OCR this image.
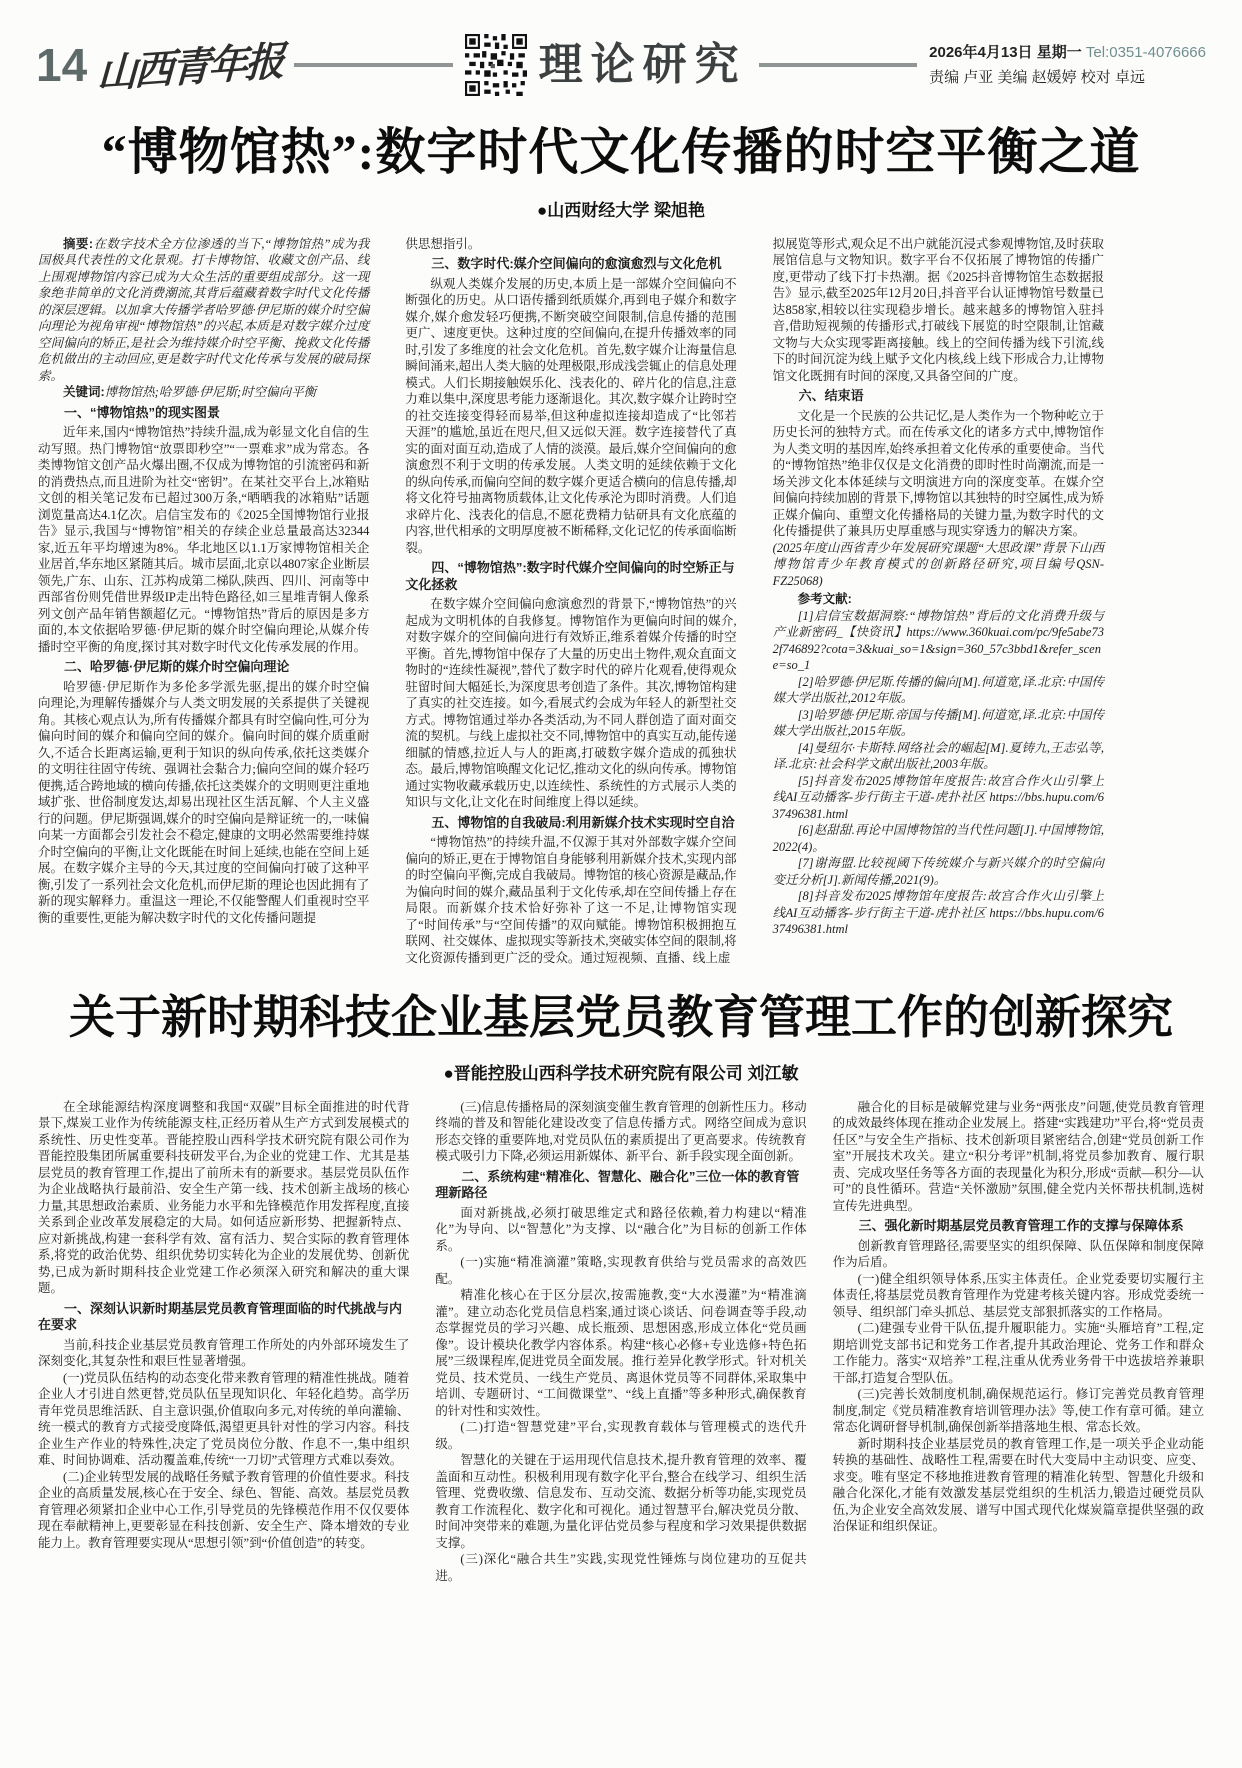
14 山西青年报	理论研究	2026年4月13日 星期一 Tel:0351-4076666
责编 卢亚 美编 赵媛婷 校对 卓远
“博物馆热”:数字时代文化传播的时空平衡之道
●山西财经大学 梁旭艳

摘要:在数字技术全方位渗透的当下,“博物馆热”成为我国极具代表性的文化景观。打卡博物馆、收藏文创产品、线上围观博物馆内容已成为大众生活的重要组成部分。这一现象绝非简单的文化消费潮流,其背后蕴藏着数字时代文化传播的深层逻辑。以加拿大传播学者哈罗德·伊尼斯的媒介时空偏向理论为视角审视“博物馆热”的兴起,本质是对数字媒介过度空间偏向的矫正,是社会为维持媒介时空平衡、挽救文化传播危机做出的主动回应,更是数字时代文化传承与发展的破局探索。

关键词:博物馆热;哈罗德·伊尼斯;时空偏向平衡

一、“博物馆热”的现实图景

近年来,国内“博物馆热”持续升温,成为彰显文化自信的生动写照。热门博物馆“放票即秒空”“一票难求”成为常态。各类博物馆文创产品火爆出圈,不仅成为博物馆的引流密码和新的消费热点,而且进阶为社交“密钥”。在某社交平台上,冰箱贴文创的相关笔记发布已超过300万条,“晒晒我的冰箱贴”话题浏览量高达4.1亿次。启信宝发布的《2025全国博物馆行业报告》显示,我国与“博物馆”相关的存续企业总量最高达32344家,近五年平均增速为8%。华北地区以1.1万家博物馆相关企业居首,华东地区紧随其后。城市层面,北京以4807家企业断层领先,广东、山东、江苏构成第二梯队,陕西、四川、河南等中西部省份则凭借世界级IP走出特色路径,如三星堆青铜人像系列文创产品年销售额超亿元。“博物馆热”背后的原因是多方面的,本文依据哈罗德·伊尼斯的媒介时空偏向理论,从媒介传播时空平衡的角度,探讨其对数字时代文化传承发展的作用。

二、哈罗德·伊尼斯的媒介时空偏向理论

哈罗德·伊尼斯作为多伦多学派先驱,提出的媒介时空偏向理论,为理解传播媒介与人类文明发展的关系提供了关键视角。其核心观点认为,所有传播媒介都具有时空偏向性,可分为偏向时间的媒介和偏向空间的媒介。偏向时间的媒介质重耐久,不适合长距离运输,更利于知识的纵向传承,依托这类媒介的文明往往固守传统、强调社会黏合力;偏向空间的媒介轻巧便携,适合跨地域的横向传播,依托这类媒介的文明则更注重地域扩张、世俗制度发达,却易出现社区生活瓦解、个人主义盛行的问题。伊尼斯强调,媒介的时空偏向是辩证统一的,一味偏向某一方面都会引发社会不稳定,健康的文明必然需要维持媒介时空偏向的平衡,让文化既能在时间上延续,也能在空间上延展。在数字媒介主导的今天,其过度的空间偏向打破了这种平衡,引发了一系列社会文化危机,而伊尼斯的理论也因此拥有了新的现实解释力。重温这一理论,不仅能警醒人们重视时空平衡的重要性,更能为解决数字时代的文化传播问题提

供思想指引。

三、数字时代:媒介空间偏向的愈演愈烈与文化危机

纵观人类媒介发展的历史,本质上是一部媒介空间偏向不断强化的历史。从口语传播到纸质媒介,再到电子媒介和数字媒介,媒介愈发轻巧便携,不断突破空间限制,信息传播的范围更广、速度更快。这种过度的空间偏向,在提升传播效率的同时,引发了多维度的社会文化危机。首先,数字媒介让海量信息瞬间涌来,超出人类大脑的处理极限,形成浅尝辄止的信息处理模式。人们长期接触娱乐化、浅表化的、碎片化的信息,注意力难以集中,深度思考能力逐渐退化。其次,数字媒介让跨时空的社交连接变得轻而易举,但这种虚拟连接却造成了“比邻若天涯”的尴尬,虽近在咫尺,但又远似天涯。数字连接替代了真实的面对面互动,造成了人情的淡漠。最后,媒介空间偏向的愈演愈烈不利于文明的传承发展。人类文明的延续依赖于文化的纵向传承,而偏向空间的数字媒介更适合横向的信息传播,却将文化符号抽离物质载体,让文化传承沦为即时消费。人们追求碎片化、浅表化的信息,不愿花费精力钻研具有文化底蕴的内容,世代相承的文明厚度被不断稀释,文化记忆的传承面临断裂。

四、“博物馆热”:数字时代媒介空间偏向的时空矫正与文化拯救

在数字媒介空间偏向愈演愈烈的背景下,“博物馆热”的兴起成为文明机体的自我修复。博物馆作为更偏向时间的媒介,对数字媒介的空间偏向进行有效矫正,维系着媒介传播的时空平衡。首先,博物馆中保存了大量的历史出土物件,观众直面文物时的“连续性凝视”,替代了数字时代的碎片化观看,使得观众驻留时间大幅延长,为深度思考创造了条件。其次,博物馆构建了真实的社交连接。如今,看展式约会成为年轻人的新型社交方式。博物馆通过举办各类活动,为不同人群创造了面对面交流的契机。与线上虚拟社交不同,博物馆中的真实互动,能传递细腻的情感,拉近人与人的距离,打破数字媒介造成的孤独状态。最后,博物馆唤醒文化记忆,推动文化的纵向传承。博物馆通过实物收藏承载历史,以连续性、系统性的方式展示人类的知识与文化,让文化在时间维度上得以延续。

五、博物馆的自我破局:利用新媒介技术实现时空自洽

“博物馆热”的持续升温,不仅源于其对外部数字媒介空间偏向的矫正,更在于博物馆自身能够利用新媒介技术,实现内部的时空偏向平衡,完成自我破局。博物馆的核心资源是藏品,作为偏向时间的媒介,藏品虽利于文化传承,却在空间传播上存在局限。而新媒介技术恰好弥补了这一不足,让博物馆实现了“时间传承”与“空间传播”的双向赋能。博物馆积极拥抱互联网、社交媒体、虚拟现实等新技术,突破实体空间的限制,将文化资源传播到更广泛的受众。通过短视频、直播、线上虚

拟展览等形式,观众足不出户就能沉浸式参观博物馆,及时获取展馆信息与文物知识。数字平台不仅拓展了博物馆的传播广度,更带动了线下打卡热潮。据《2025抖音博物馆生态数据报告》显示,截至2025年12月20日,抖音平台认证博物馆号数量已达858家,相较以往实现稳步增长。越来越多的博物馆入驻抖音,借助短视频的传播形式,打破线下展览的时空限制,让馆藏文物与大众实现零距离接触。线上的空间传播为线下引流,线下的时间沉淀为线上赋予文化内核,线上线下形成合力,让博物馆文化既拥有时间的深度,又具备空间的广度。

六、结束语

文化是一个民族的公共记忆,是人类作为一个物种屹立于历史长河的独特方式。而在传承文化的诸多方式中,博物馆作为人类文明的基因库,始终承担着文化传承的重要使命。当代的“博物馆热”绝非仅仅是文化消费的即时性时尚潮流,而是一场关涉文化本体延续与文明演进方向的深度变革。在媒介空间偏向持续加剧的背景下,博物馆以其独特的时空属性,成为矫正媒介偏向、重塑文化传播格局的关键力量,为数字时代的文化传播提供了兼具历史厚重感与现实穿透力的解决方案。

(2025年度山西省青少年发展研究课题“大思政课”背景下山西博物馆青少年教育模式的创新路径研究,项目编号QSN-FZ25068)

参考文献:

[1]启信宝数据洞察:“博物馆热”背后的文化消费升级与产业新密码_【快资讯】https://www.360kuai.com/pc/9fe5abe732f746892?cota=3&kuai_so=1&sign=360_57c3bbd1&refer_scene=so_1

[2]哈罗德·伊尼斯.传播的偏向[M].何道宽,译.北京:中国传媒大学出版社,2012年版。

[3]哈罗德·伊尼斯.帝国与传播[M].何道宽,译.北京:中国传媒大学出版社,2015年版。

[4]曼纽尔·卡斯特.网络社会的崛起[M].夏铸九,王志弘等,译.北京:社会科学文献出版社,2003年版。

[5]抖音发布2025博物馆年度报告:故宫合作火山引擎上线AI互动播客-步行街主干道-虎扑社区 https://bbs.hupu.com/637496381.html

[6]赵甜甜.再论中国博物馆的当代性问题[J].中国博物馆,2022(4)。

[7]谢海盟.比较视阈下传统媒介与新兴媒介的时空偏向变迁分析[J].新闻传播,2021(9)。

[8]抖音发布2025博物馆年度报告:故宫合作火山引擎上线AI互动播客-步行街主干道-虎扑社区 https://bbs.hupu.com/637496381.html

关于新时期科技企业基层党员教育管理工作的创新探究
●晋能控股山西科学技术研究院有限公司 刘江敏

在全球能源结构深度调整和我国“双碳”目标全面推进的时代背景下,煤炭工业作为传统能源支柱,正经历着从生产方式到发展模式的系统性、历史性变革。晋能控股山西科学技术研究院有限公司作为晋能控股集团所属重要科技研发平台,为企业的党建工作、尤其是基层党员的教育管理工作,提出了前所未有的新要求。基层党员队伍作为企业战略执行最前沿、安全生产第一线、技术创新主战场的核心力量,其思想政治素质、业务能力水平和先锋模范作用发挥程度,直接关系到企业改革发展稳定的大局。如何适应新形势、把握新特点、应对新挑战,构建一套科学有效、富有活力、契合实际的教育管理体系,将党的政治优势、组织优势切实转化为企业的发展优势、创新优势,已成为新时期科技企业党建工作必须深入研究和解决的重大课题。

一、深刻认识新时期基层党员教育管理面临的时代挑战与内在要求

当前,科技企业基层党员教育管理工作所处的内外部环境发生了深刻变化,其复杂性和艰巨性显著增强。

(一)党员队伍结构的动态变化带来教育管理的精准性挑战。随着企业人才引进自然更替,党员队伍呈现知识化、年轻化趋势。高学历青年党员思维活跃、自主意识强,价值取向多元,对传统的单向灌输、统一模式的教育方式接受度降低,渴望更具针对性的学习内容。科技企业生产作业的特殊性,决定了党员岗位分散、作息不一,集中组织难、时间协调难、活动覆盖难,传统“一刀切”式管理方式难以奏效。

(二)企业转型发展的战略任务赋予教育管理的价值性要求。科技企业的高质量发展,核心在于安全、绿色、智能、高效。基层党员教育管理必须紧扣企业中心工作,引导党员的先锋模范作用不仅仅要体现在奉献精神上,更要彰显在科技创新、安全生产、降本增效的专业能力上。教育管理要实现从“思想引领”到“价值创造”的转变。

(三)信息传播格局的深刻演变催生教育管理的创新性压力。移动终端的普及和智能化建设改变了信息传播方式。网络空间成为意识形态交锋的重要阵地,对党员队伍的素质提出了更高要求。传统教育模式吸引力下降,必须运用新媒体、新平台、新手段实现全面创新。

二、系统构建“精准化、智慧化、融合化”三位一体的教育管理新路径

面对新挑战,必须打破思维定式和路径依赖,着力构建以“精准化”为导向、以“智慧化”为支撑、以“融合化”为目标的创新工作体系。

(一)实施“精准滴灌”策略,实现教育供给与党员需求的高效匹配。

精准化核心在于区分层次,按需施教,变“大水漫灌”为“精准滴灌”。建立动态化党员信息档案,通过谈心谈话、问卷调查等手段,动态掌握党员的学习兴趣、成长瓶颈、思想困惑,形成立体化“党员画像”。设计模块化教学内容体系。构建“核心必修+专业选修+特色拓展”三级课程库,促进党员全面发展。推行差异化教学形式。针对机关党员、技术党员、一线生产党员、离退休党员等不同群体,采取集中培训、专题研讨、“工间微课堂”、“线上直播”等多种形式,确保教育的针对性和实效性。

(二)打造“智慧党建”平台,实现教育载体与管理模式的迭代升级。

智慧化的关键在于运用现代信息技术,提升教育管理的效率、覆盖面和互动性。积极利用现有数字化平台,整合在线学习、组织生活管理、党费收缴、信息发布、互动交流、数据分析等功能,实现党员教育工作流程化、数字化和可视化。通过智慧平台,解决党员分散、时间冲突带来的难题,为量化评估党员参与程度和学习效果提供数据支撑。

(三)深化“融合共生”实践,实现党性锤炼与岗位建功的互促共进。

融合化的目标是破解党建与业务“两张皮”问题,使党员教育管理的成效最终体现在推动企业发展上。搭建“实践建功”平台,将“党员责任区”与安全生产指标、技术创新项目紧密结合,创建“党员创新工作室”开展技术攻关。建立“积分考评”机制,将党员参加教育、履行职责、完成攻坚任务等各方面的表现量化为积分,形成“贡献—积分—认可”的良性循环。营造“关怀激励”氛围,健全党内关怀帮扶机制,选树宣传先进典型。

三、强化新时期基层党员教育管理工作的支撑与保障体系

创新教育管理路径,需要坚实的组织保障、队伍保障和制度保障作为后盾。

(一)健全组织领导体系,压实主体责任。企业党委要切实履行主体责任,将基层党员教育管理作为党建考核关键内容。形成党委统一领导、组织部门牵头抓总、基层党支部狠抓落实的工作格局。

(二)建强专业骨干队伍,提升履职能力。实施“头雁培育”工程,定期培训党支部书记和党务工作者,提升其政治理论、党务工作和群众工作能力。落实“双培养”工程,注重从优秀业务骨干中选拔培养兼职干部,打造复合型队伍。

(三)完善长效制度机制,确保规范运行。修订完善党员教育管理制度,制定《党员精准教育培训管理办法》等,使工作有章可循。建立常态化调研督导机制,确保创新举措落地生根、常态长效。

新时期科技企业基层党员的教育管理工作,是一项关乎企业动能转换的基础性、战略性工程,需要在时代大变局中主动识变、应变、求变。唯有坚定不移地推进教育管理的精准化转型、智慧化升级和融合化深化,才能有效激发基层党组织的生机活力,锻造过硬党员队伍,为企业安全高效发展、谱写中国式现代化煤炭篇章提供坚强的政治保证和组织保证。
